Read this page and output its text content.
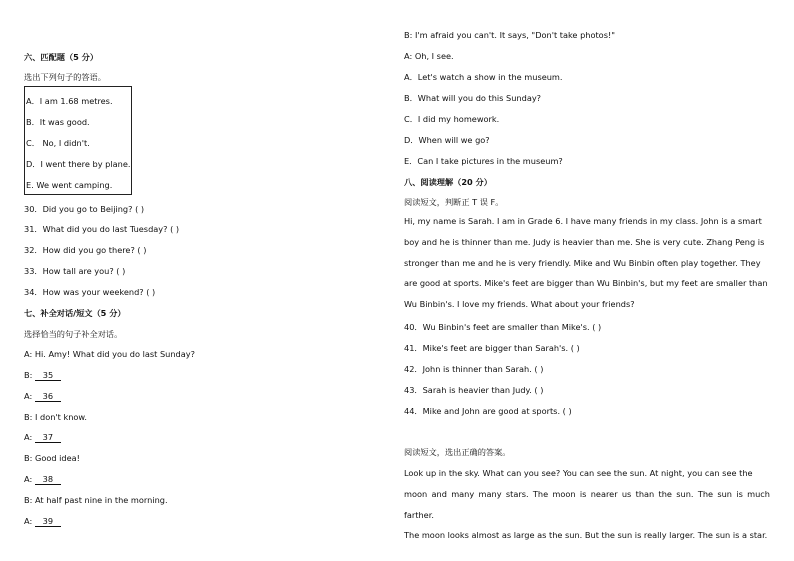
六、匹配题（5 分）
选出下列句子的答语。
A．I am 1.68 metres.
B．It was good.
C． No, I didn't.
D．I went there by plane.
E. We went camping.
30．Did you go to Beijing? ( )
31．What did you do last Tuesday? ( )
32．How did you go there? ( )
33．How tall are you? ( )
34．How was your weekend? ( )
七、补全对话/短文（5 分）
选择恰当的句子补全对话。
A: Hi. Amy! What did you do last Sunday?
B: 35
A: 36
B: I don't know.
A: 37
B: Good idea!
A: 38
B: At half past nine in the morning.
A: 39
B: I'm afraid you can't. It says, "Don't take photos!"
A: Oh, I see.
A．Let's watch a show in the museum.
B．What will you do this Sunday?
C．I did my homework.
D．When will we go?
E．Can I take pictures in the museum?
八、阅读理解（20 分）
阅读短文，判断正 T 误 F。
Hi, my name is Sarah. I am in Grade 6. I have many friends in my class. John is a smart
boy and he is thinner than me. Judy is heavier than me. She is very cute. Zhang Peng is
stronger than me and he is very friendly. Mike and Wu Binbin often play together. They
are good at sports. Mike's feet are bigger than Wu Binbin's, but my feet are smaller than
Wu Binbin's. I love my friends. What about your friends?
40．Wu Binbin's feet are smaller than Mike's. ( )
41．Mike's feet are bigger than Sarah's. ( )
42．John is thinner than Sarah. ( )
43．Sarah is heavier than Judy. ( )
44．Mike and John are good at sports. ( )
阅读短文，选出正确的答案。
Look up in the sky. What can you see? You can see the sun. At night, you can see the
moon and many many stars. The moon is nearer us than the sun. The sun is much farther.
The moon looks almost as large as the sun. But the sun is really larger. The sun is a star.
